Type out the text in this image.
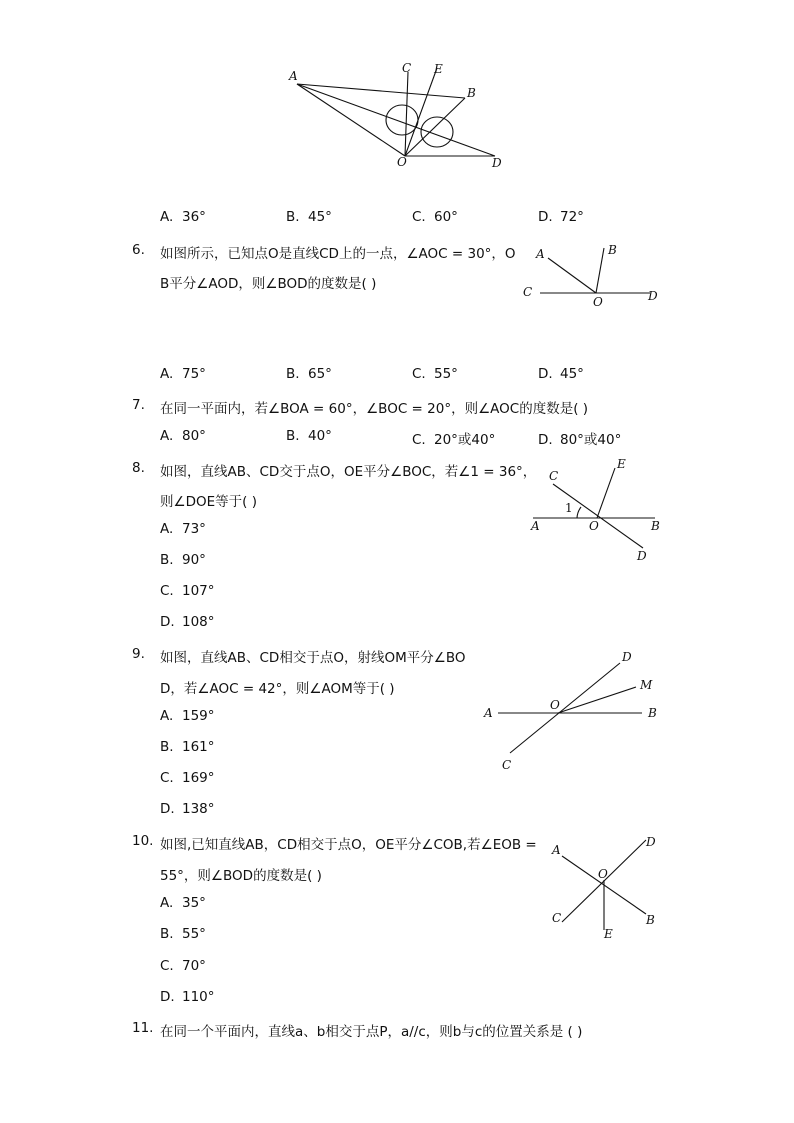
A
C E
B
O	D
A. 36°	B. 45°	C. 60°	D. 72°
6. 如图所示，已知点O是直线CD上的一点，∠AOC = 30°，O
B平分∠AOD，则∠BOD的度数是( )
A	B
C
O	D
A. 75°	B. 65°	C. 55°	D. 45°
7. 在同一平面内，若∠BOA = 60°，∠BOC = 20°，则∠AOC的度数是( )
A. 80°	B. 40°	C. 20°或40°	D. 80°或40°
8. 如图，直线AB、CD交于点O，OE平分∠BOC，若∠1 = 36°，
则∠DOE等于( )
C
E
1
A	O	B
D
A. 73°
B. 90°
C. 107°
D. 108°
9. 如图，直线AB、CD相交于点O，射线OM平分∠BO
D，若∠AOC = 42°，则∠AOM等于( )
A
O
B
D
M
C
A. 159°
B. 161°
C. 169°
D. 138°
10. 如图,已知直线AB，CD相交于点O，OE平分∠COB,若∠EOB =
55°，则∠BOD的度数是( )
A
D
O
C	B
E
A. 35°
B. 55°
C. 70°
D. 110°
11. 在同一个平面内，直线a、b相交于点P，a//c，则b与c的位置关系是 ( )
